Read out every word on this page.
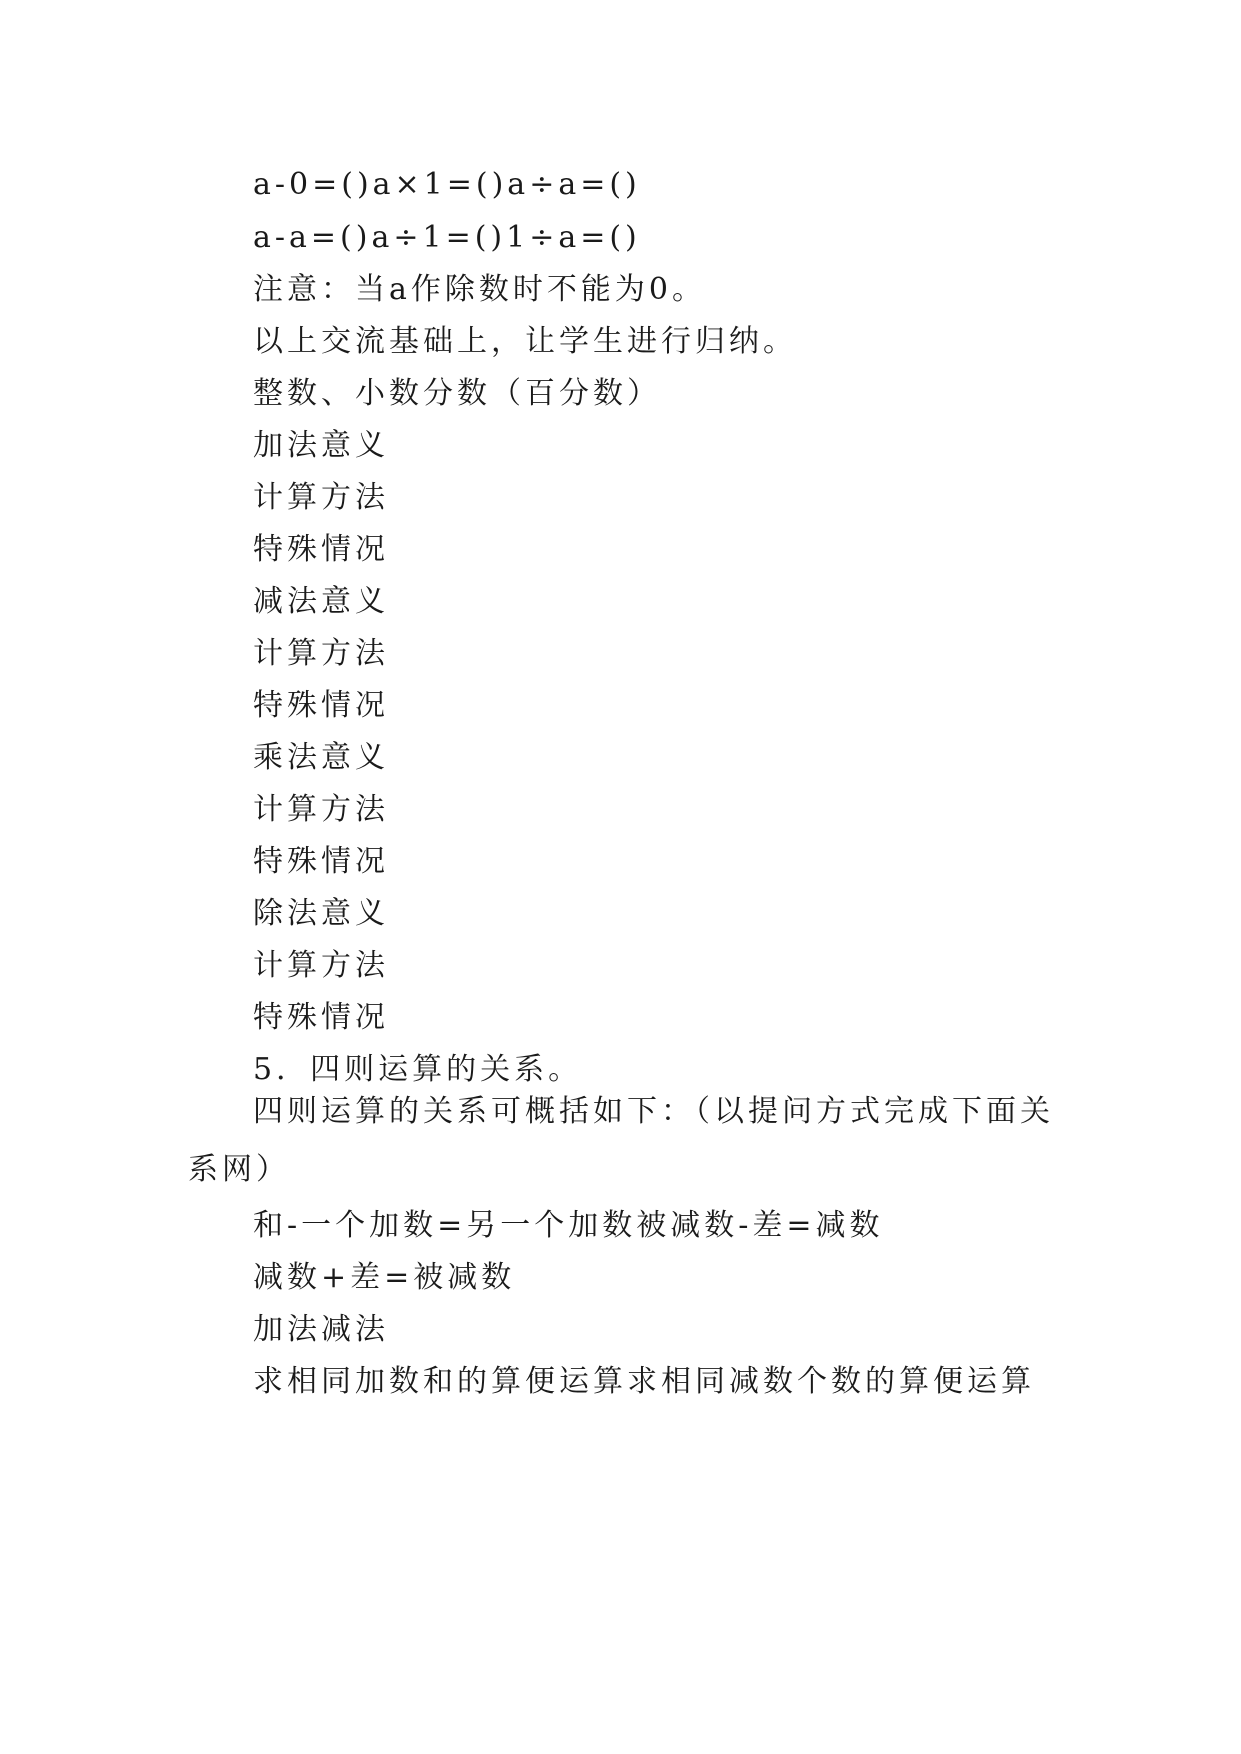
a-0=()a×1=()a÷a=()
a-a=()a÷1=()1÷a=()
注意：当a作除数时不能为0。
以上交流基础上，让学生进行归纳。
整数、小数分数（百分数）
加法意义
计算方法
特殊情况
减法意义
计算方法
特殊情况
乘法意义
计算方法
特殊情况
除法意义
计算方法
特殊情况
5．四则运算的关系。
四则运算的关系可概括如下：（以提问方式完成下面关系网）
和-一个加数=另一个加数被减数-差=减数
减数+差=被减数
加法减法
求相同加数和的算便运算求相同减数个数的算便运算
